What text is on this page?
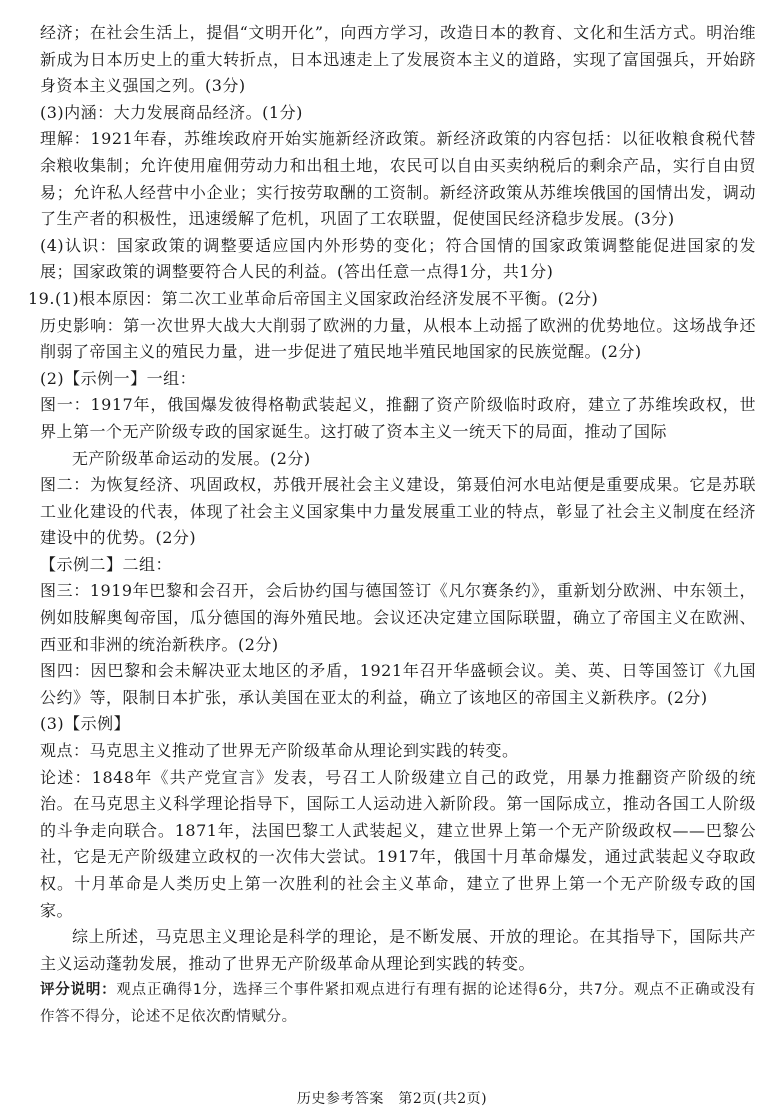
经济；在社会生活上，提倡“文明开化”，向西方学习，改造日本的教育、文化和生活方式。明治维新成为日本历史上的重大转折点，日本迅速走上了发展资本主义的道路，实现了富国强兵，开始跻身资本主义强国之列。(3分)

(3)内涵：大力发展商品经济。(1分)

理解：1921年春，苏维埃政府开始实施新经济政策。新经济政策的内容包括：以征收粮食税代替余粮收集制；允许使用雇佣劳动力和出租土地，农民可以自由买卖纳税后的剩余产品，实行自由贸易；允许私人经营中小企业；实行按劳取酬的工资制。新经济政策从苏维埃俄国的国情出发，调动了生产者的积极性，迅速缓解了危机，巩固了工农联盟，促使国民经济稳步发展。(3分)

(4)认识：国家政策的调整要适应国内外形势的变化；符合国情的国家政策调整能促进国家的发展；国家政策的调整要符合人民的利益。(答出任意一点得1分，共1分)

19.(1)根本原因：第二次工业革命后帝国主义国家政治经济发展不平衡。(2分)

历史影响：第一次世界大战大大削弱了欧洲的力量，从根本上动摇了欧洲的优势地位。这场战争还削弱了帝国主义的殖民力量，进一步促进了殖民地半殖民地国家的民族觉醒。(2分)

(2)【示例一】一组：

图一：1917年，俄国爆发彼得格勒武装起义，推翻了资产阶级临时政府，建立了苏维埃政权，世界上第一个无产阶级专政的国家诞生。这打破了资本主义一统天下的局面，推动了国际

无产阶级革命运动的发展。(2分)

图二：为恢复经济、巩固政权，苏俄开展社会主义建设，第聂伯河水电站便是重要成果。它是苏联工业化建设的代表，体现了社会主义国家集中力量发展重工业的特点，彰显了社会主义制度在经济建设中的优势。(2分)

【示例二】二组：

图三：1919年巴黎和会召开，会后协约国与德国签订《凡尔赛条约》，重新划分欧洲、中东领土，例如肢解奥匈帝国，瓜分德国的海外殖民地。会议还决定建立国际联盟，确立了帝国主义在欧洲、西亚和非洲的统治新秩序。(2分)

图四：因巴黎和会未解决亚太地区的矛盾，1921年召开华盛顿会议。美、英、日等国签订《九国公约》等，限制日本扩张，承认美国在亚太的利益，确立了该地区的帝国主义新秩序。(2分)

(3)【示例】

观点：马克思主义推动了世界无产阶级革命从理论到实践的转变。

论述：1848年《共产党宣言》发表，号召工人阶级建立自己的政党，用暴力推翻资产阶级的统治。在马克思主义科学理论指导下，国际工人运动进入新阶段。第一国际成立，推动各国工人阶级的斗争走向联合。1871年，法国巴黎工人武装起义，建立世界上第一个无产阶级政权——巴黎公社，它是无产阶级建立政权的一次伟大尝试。1917年，俄国十月革命爆发，通过武装起义夺取政权。十月革命是人类历史上第一次胜利的社会主义革命，建立了世界上第一个无产阶级专政的国家。

综上所述，马克思主义理论是科学的理论，是不断发展、开放的理论。在其指导下，国际共产主义运动蓬勃发展，推动了世界无产阶级革命从理论到实践的转变。

评分说明：观点正确得1分，选择三个事件紧扣观点进行有理有据的论述得6分，共7分。观点不正确或没有作答不得分，论述不足依次酌情赋分。

历史参考答案　第2页(共2页)
